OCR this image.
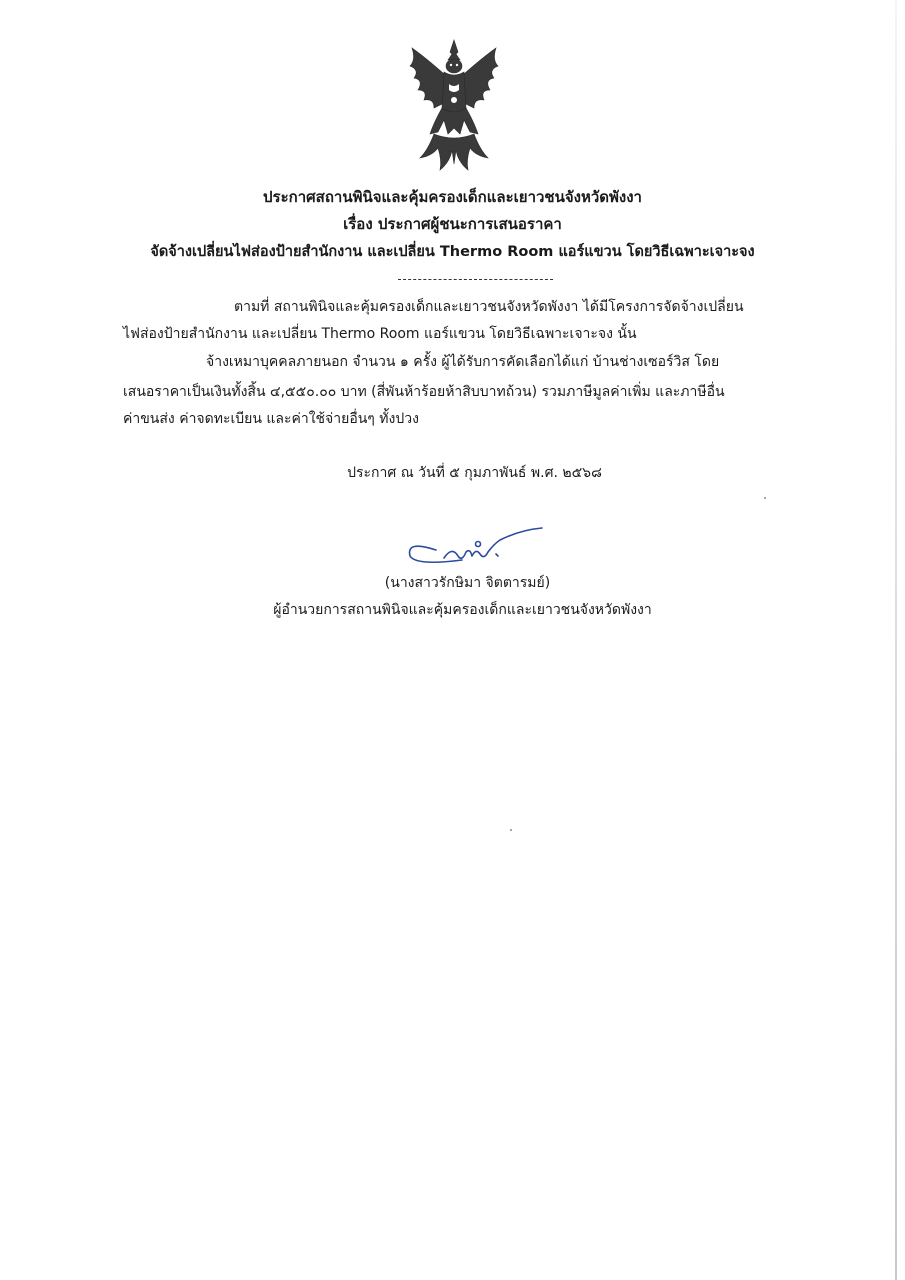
ประกาศสถานพินิจและคุ้มครองเด็กและเยาวชนจังหวัดพังงา
เรื่อง ประกาศผู้ชนะการเสนอราคา
จัดจ้างเปลี่ยนไฟส่องป้ายสำนักงาน และเปลี่ยน Thermo Room แอร์แขวน โดยวิธีเฉพาะเจาะจง
ตามที่ สถานพินิจและคุ้มครองเด็กและเยาวชนจังหวัดพังงา ได้มีโครงการจัดจ้างเปลี่ยน
ไฟส่องป้ายสำนักงาน และเปลี่ยน Thermo Room แอร์แขวน โดยวิธีเฉพาะเจาะจง นั้น
จ้างเหมาบุคคลภายนอก จำนวน ๑ ครั้ง ผู้ได้รับการคัดเลือกได้แก่ บ้านช่างเซอร์วิส โดย
เสนอราคาเป็นเงินทั้งสิ้น ๔,๕๕๐.๐๐ บาท (สี่พันห้าร้อยห้าสิบบาทถ้วน) รวมภาษีมูลค่าเพิ่ม และภาษีอื่น
ค่าขนส่ง ค่าจดทะเบียน และค่าใช้จ่ายอื่นๆ ทั้งปวง
ประกาศ ณ วันที่ ๕ กุมภาพันธ์ พ.ศ. ๒๕๖๘
(นางสาวรักษิมา จิตตารมย์)
ผู้อำนวยการสถานพินิจและคุ้มครองเด็กและเยาวชนจังหวัดพังงา
